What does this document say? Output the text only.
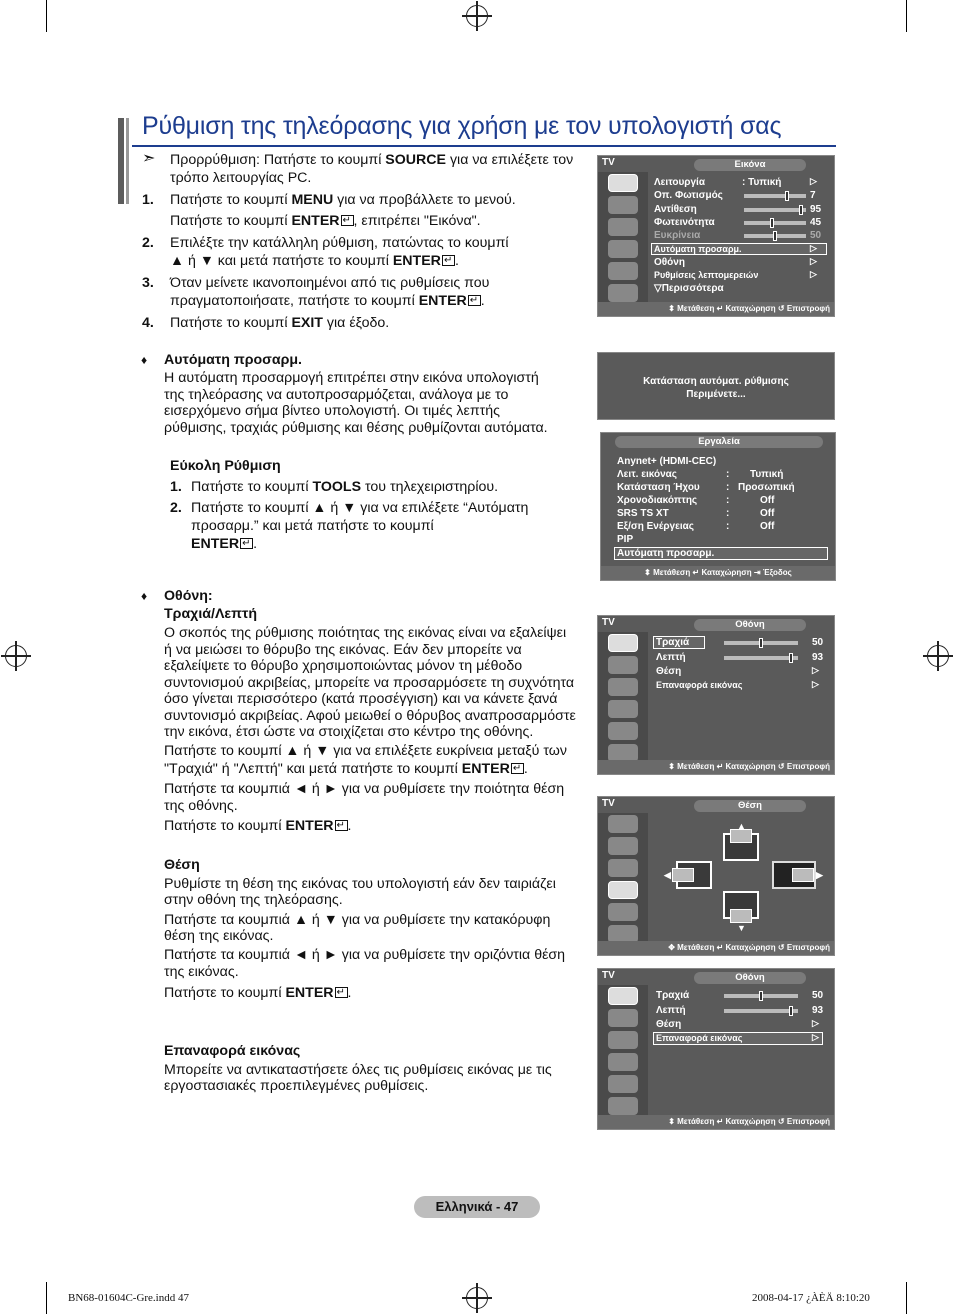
Ρύθμιση της τηλεόρασης για χρήση με τον υπολογιστή σας
➣ Προρρύθμιση: Πατήστε το κουμπί SOURCE για να επιλέξετε τον
τρόπο λειτουργίας PC.
1. Πατήστε το κουμπί MENU για να προβάλλετε το μενού.
Πατήστε το κουμπί ENTER ↵ , επιτρέπει "Εικόνα".
2. Επιλέξτε την κατάλληλη ρύθμιση, πατώντας το κουμπί
▲ ή ▼ και μετά πατήστε το κουμπί ENTER ↵ .
3. Όταν μείνετε ικανοποιημένοι από τις ρυθμίσεις που
πραγματοποιήσατε, πατήστε το κουμπί ENTER ↵ .
4. Πατήστε το κουμπί EXIT για έξοδο.
♦ Αυτόματη προσαρμ.
Η αυτόματη προσαρμογή επιτρέπει στην εικόνα υπολογιστή
της τηλεόρασης να αυτοπροσαρμόζεται, ανάλογα με το
εισερχόμενο σήμα βίντεο υπολογιστή. Οι τιμές λεπτής
ρύθμισης, τραχιάς ρύθμισης και θέσης ρυθμίζονται αυτόματα.
Εύκολη Ρύθμιση
1. Πατήστε το κουμπί TOOLS του τηλεχειριστηρίου.
2. Πατήστε το κουμπί ▲ ή ▼ για να επιλέξετε “Αυτόματη
προσαρμ.” και μετά πατήστε το κουμπί
ENTER ↵ .
♦ Οθόνη:
Τραχιά/Λεπτή
Ο σκοπός της ρύθμισης ποιότητας της εικόνας είναι να εξαλείψει
ή να μειώσει το θόρυβο της εικόνας. Εάν δεν μπορείτε να
εξαλείψετε το θόρυβο χρησιμοποιώντας μόνον τη μέθοδο
συντονισμού ακριβείας, μπορείτε να προσαρμόσετε τη συχνότητα
όσο γίνεται περισσότερο (κατά προσέγγιση) και να κάνετε ξανά
συντονισμό ακριβείας. Αφού μειωθεί ο θόρυβος αναπροσαρμόστε
την εικόνα, έτσι ώστε να στοιχίζεται στο κέντρο της οθόνης.
Πατήστε το κουμπί ▲ ή ▼ για να επιλέξετε ευκρίνεια μεταξύ των
"Τραχιά" ή "Λεπτή" και μετά πατήστε το κουμπί ENTER ↵ .
Πατήστε τα κουμπιά ◄ ή ► για να ρυθμίσετε την ποιότητα θέση
της οθόνης.
Πατήστε το κουμπί ENTER ↵ .
Θέση
Ρυθμίστε τη θέση της εικόνας του υπολογιστή εάν δεν ταιριάζει
στην οθόνη της τηλεόρασης.
Πατήστε τα κουμπιά ▲ ή ▼ για να ρυθμίσετε την κατακόρυφη
θέση της εικόνας.
Πατήστε τα κουμπιά ◄ ή ► για να ρυθμίσετε την οριζόντια θέση
της εικόνας.
Πατήστε το κουμπί ENTER ↵ .
Επαναφορά εικόνας
Μπορείτε να αντικαταστήσετε όλες τις ρυθμίσεις εικόνας με τις
εργοστασιακές προεπιλεγμένες ρυθμίσεις.
TV	Εικόνα
Λειτουργία	: Τυπική	▷
Οπ. Φωτισμός	7
Αντίθεση	95
Φωτεινότητα	45
Ευκρίνεια	50
Αυτόματη προσαρμ.	▷
Οθόνη	▷
Ρυθμίσεις λεπτομερειών	▷
▽Περισσότερα
⬍ Μετάθεση ↵ Καταχώρηση ↺ Επιστροφή
Κατάσταση αυτόματ. ρύθμισης
Περιμένετε...
Εργαλεία
Anynet+ (HDMI-CEC)
Λειτ. εικόνας	: Τυπική
Κατάσταση Ήχου	: Προσωπική
Χρονοδιακόπτης	:	Off
SRS TS XT	:	Off
Εξ/ση Ενέργειας	:	Off
PIP
Αυτόματη προσαρμ.
⬍ Μετάθεση ↵ Καταχώρηση ⇥ Έξοδος
TV	Οθόνη
Τραχιά	50
Λεπτή	93
Θέση	▷
Επαναφορά εικόνας	▷
⬍ Μετάθεση ↵ Καταχώρηση ↺ Επιστροφή
TV	Θέση
▲
◀	▶
▼
✥ Μετάθεση ↵ Καταχώρηση ↺ Επιστροφή
TV	Οθόνη
Τραχιά	50
Λεπτή	93
Θέση	▷
Επαναφορά εικόνας	▷
⬍ Μετάθεση ↵ Καταχώρηση ↺ Επιστροφή
Ελληνικά - 47
BN68-01604C-Gre.indd 47	2008-04-17 ¿ÀÈÄ 8:10:20
